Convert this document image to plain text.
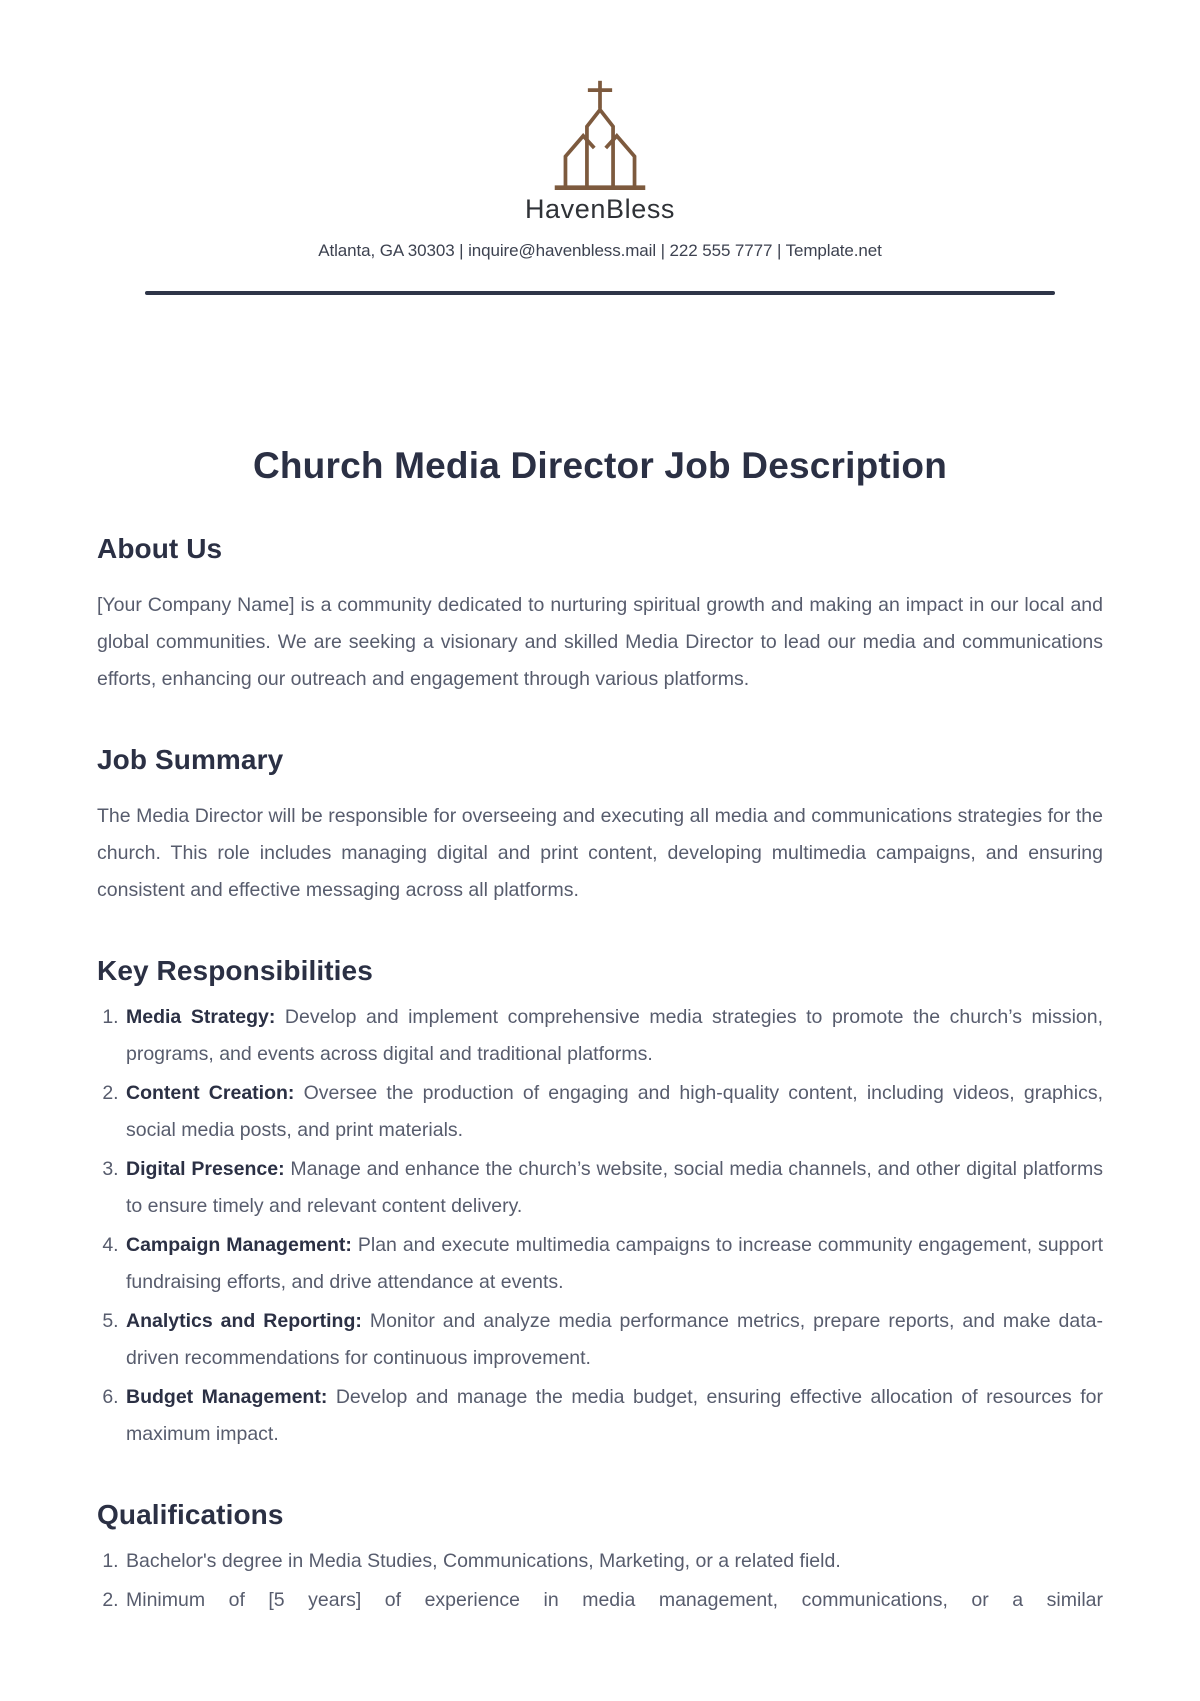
HavenBless
Atlanta, GA 30303 | inquire@havenbless.mail | 222 555 7777 | Template.net
Church Media Director Job Description
About Us

[Your Company Name] is a community dedicated to nurturing spiritual growth and making an impact in our local and global communities. We are seeking a visionary and skilled Media Director to lead our media and communications efforts, enhancing our outreach and engagement through various platforms.

Job Summary

The Media Director will be responsible for overseeing and executing all media and communications strategies for the church. This role includes managing digital and print content, developing multimedia campaigns, and ensuring consistent and effective messaging across all platforms.

Key Responsibilities
1. Media Strategy: Develop and implement comprehensive media strategies to promote the church’s mission, programs, and events across digital and traditional platforms.
2. Content Creation: Oversee the production of engaging and high-quality content, including videos, graphics, social media posts, and print materials.
3. Digital Presence: Manage and enhance the church’s website, social media channels, and other digital platforms to ensure timely and relevant content delivery.
4. Campaign Management: Plan and execute multimedia campaigns to increase community engagement, support fundraising efforts, and drive attendance at events.
5. Analytics and Reporting: Monitor and analyze media performance metrics, prepare reports, and make data-driven recommendations for continuous improvement.
6. Budget Management: Develop and manage the media budget, ensuring effective allocation of resources for maximum impact.
Qualifications
1. Bachelor's degree in Media Studies, Communications, Marketing, or a related field.
2. Minimum of [5 years] of experience in media management, communications, or a similar
